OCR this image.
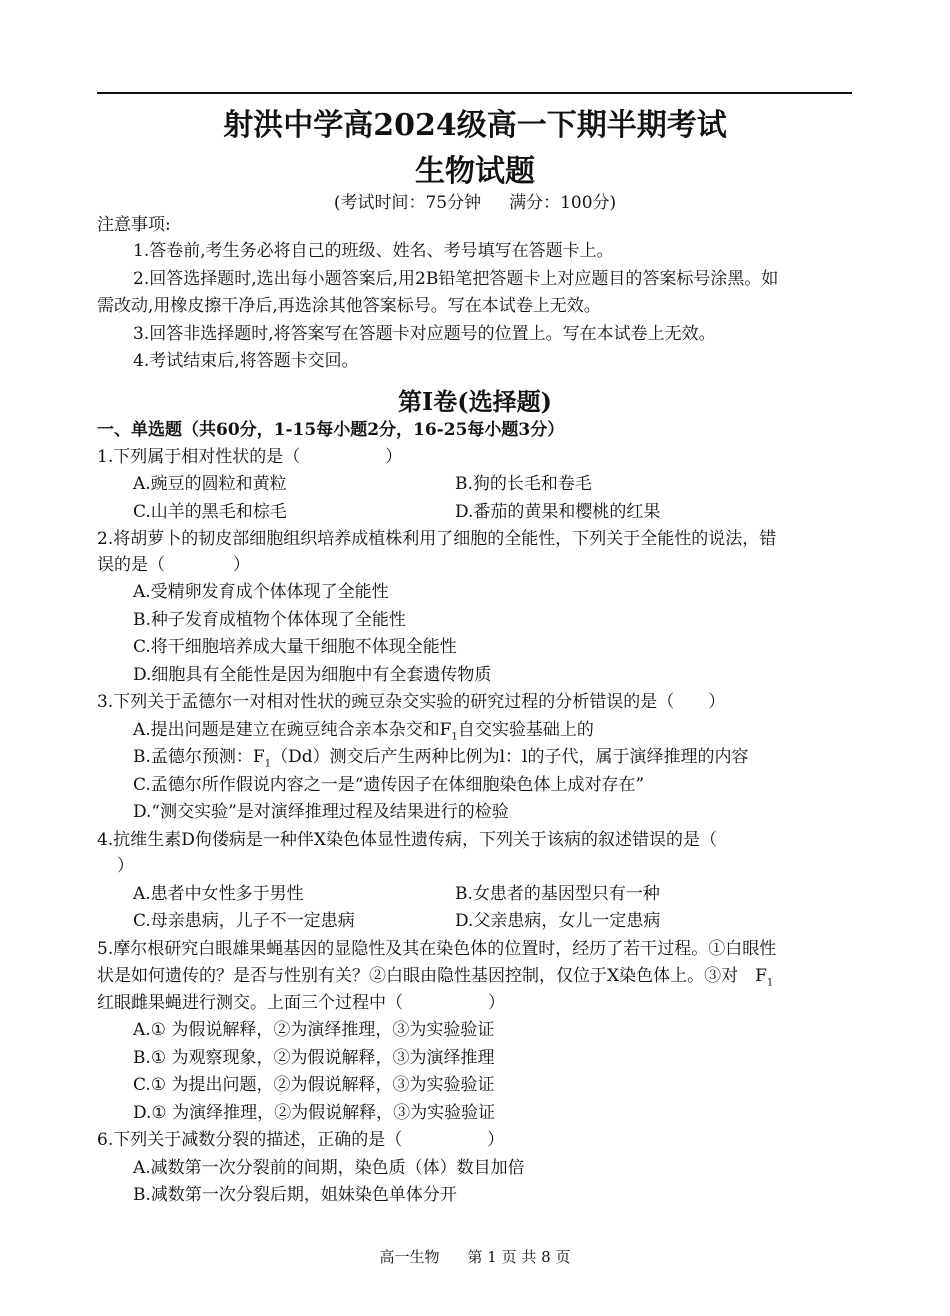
射洪中学高2024级高一下期半期考试
生物试题
(考试时间：75分钟 满分：100分)
注意事项:
1.答卷前,考生务必将自己的班级、姓名、考号填写在答题卡上。
2.回答选择题时,选出每小题答案后,用2B铅笔把答题卡上对应题目的答案标号涂黑。如
需改动,用橡皮擦干净后,再选涂其他答案标号。写在本试卷上无效。
3.回答非选择题时,将答案写在答题卡对应题号的位置上。写在本试卷上无效。
4.考试结束后,将答题卡交回。
第Ⅰ卷(选择题)
一、单选题（共60分，1-15每小题2分，16-25每小题3分）
1.下列属于相对性状的是（　　　　　）
A.豌豆的圆粒和黄粒	B.狗的长毛和卷毛
C.山羊的黑毛和棕毛	D.番茄的黄果和樱桃的红果
2.将胡萝卜的韧皮部细胞组织培养成植株利用了细胞的全能性，下列关于全能性的说法，错
误的是（　　　　）
A.受精卵发育成个体体现了全能性
B.种子发育成植物个体体现了全能性
C.将干细胞培养成大量干细胞不体现全能性
D.细胞具有全能性是因为细胞中有全套遗传物质
3.下列关于孟德尔一对相对性状的豌豆杂交实验的研究过程的分析错误的是（　　）
A.提出问题是建立在豌豆纯合亲本杂交和$F_1$自交实验基础上的
B.孟德尔预测：$F_1(Dd)$测交后产生两种比例为l：l的子代，属于演绎推理的内容
C.孟德尔所作假说内容之一是“遗传因子在体细胞染色体上成对存在”
D.“测交实验”是对演绎推理过程及结果进行的检验
4.抗维生素D佝偻病是一种伴X染色体显性遗传病，下列关于该病的叙述错误的是（
）
A.患者中女性多于男性	B.女患者的基因型只有一种
C.母亲患病，儿子不一定患病	D.父亲患病，女儿一定患病
5.摩尔根研究白眼雄果蝇基因的显隐性及其在染色体的位置时，经历了若干过程。①白眼性
状是如何遗传的？是否与性别有关？②白眼由隐性基因控制，仅位于X染色体上。③对　$F_1$
红眼雌果蝇进行测交。上面三个过程中（　　　　　）
A.① 为假说解释，②为演绎推理，③为实验验证
B.① 为观察现象，②为假说解释，③为演绎推理
C.① 为提出问题，②为假说解释，③为实验验证
D.① 为演绎推理，②为假说解释，③为实验验证
6.下列关于减数分裂的描述，正确的是（　　　　　）
A.减数第一次分裂前的间期，染色质（体）数目加倍
B.减数第一次分裂后期，姐妹染色单体分开
高一生物 第 1 页 共 8 页
